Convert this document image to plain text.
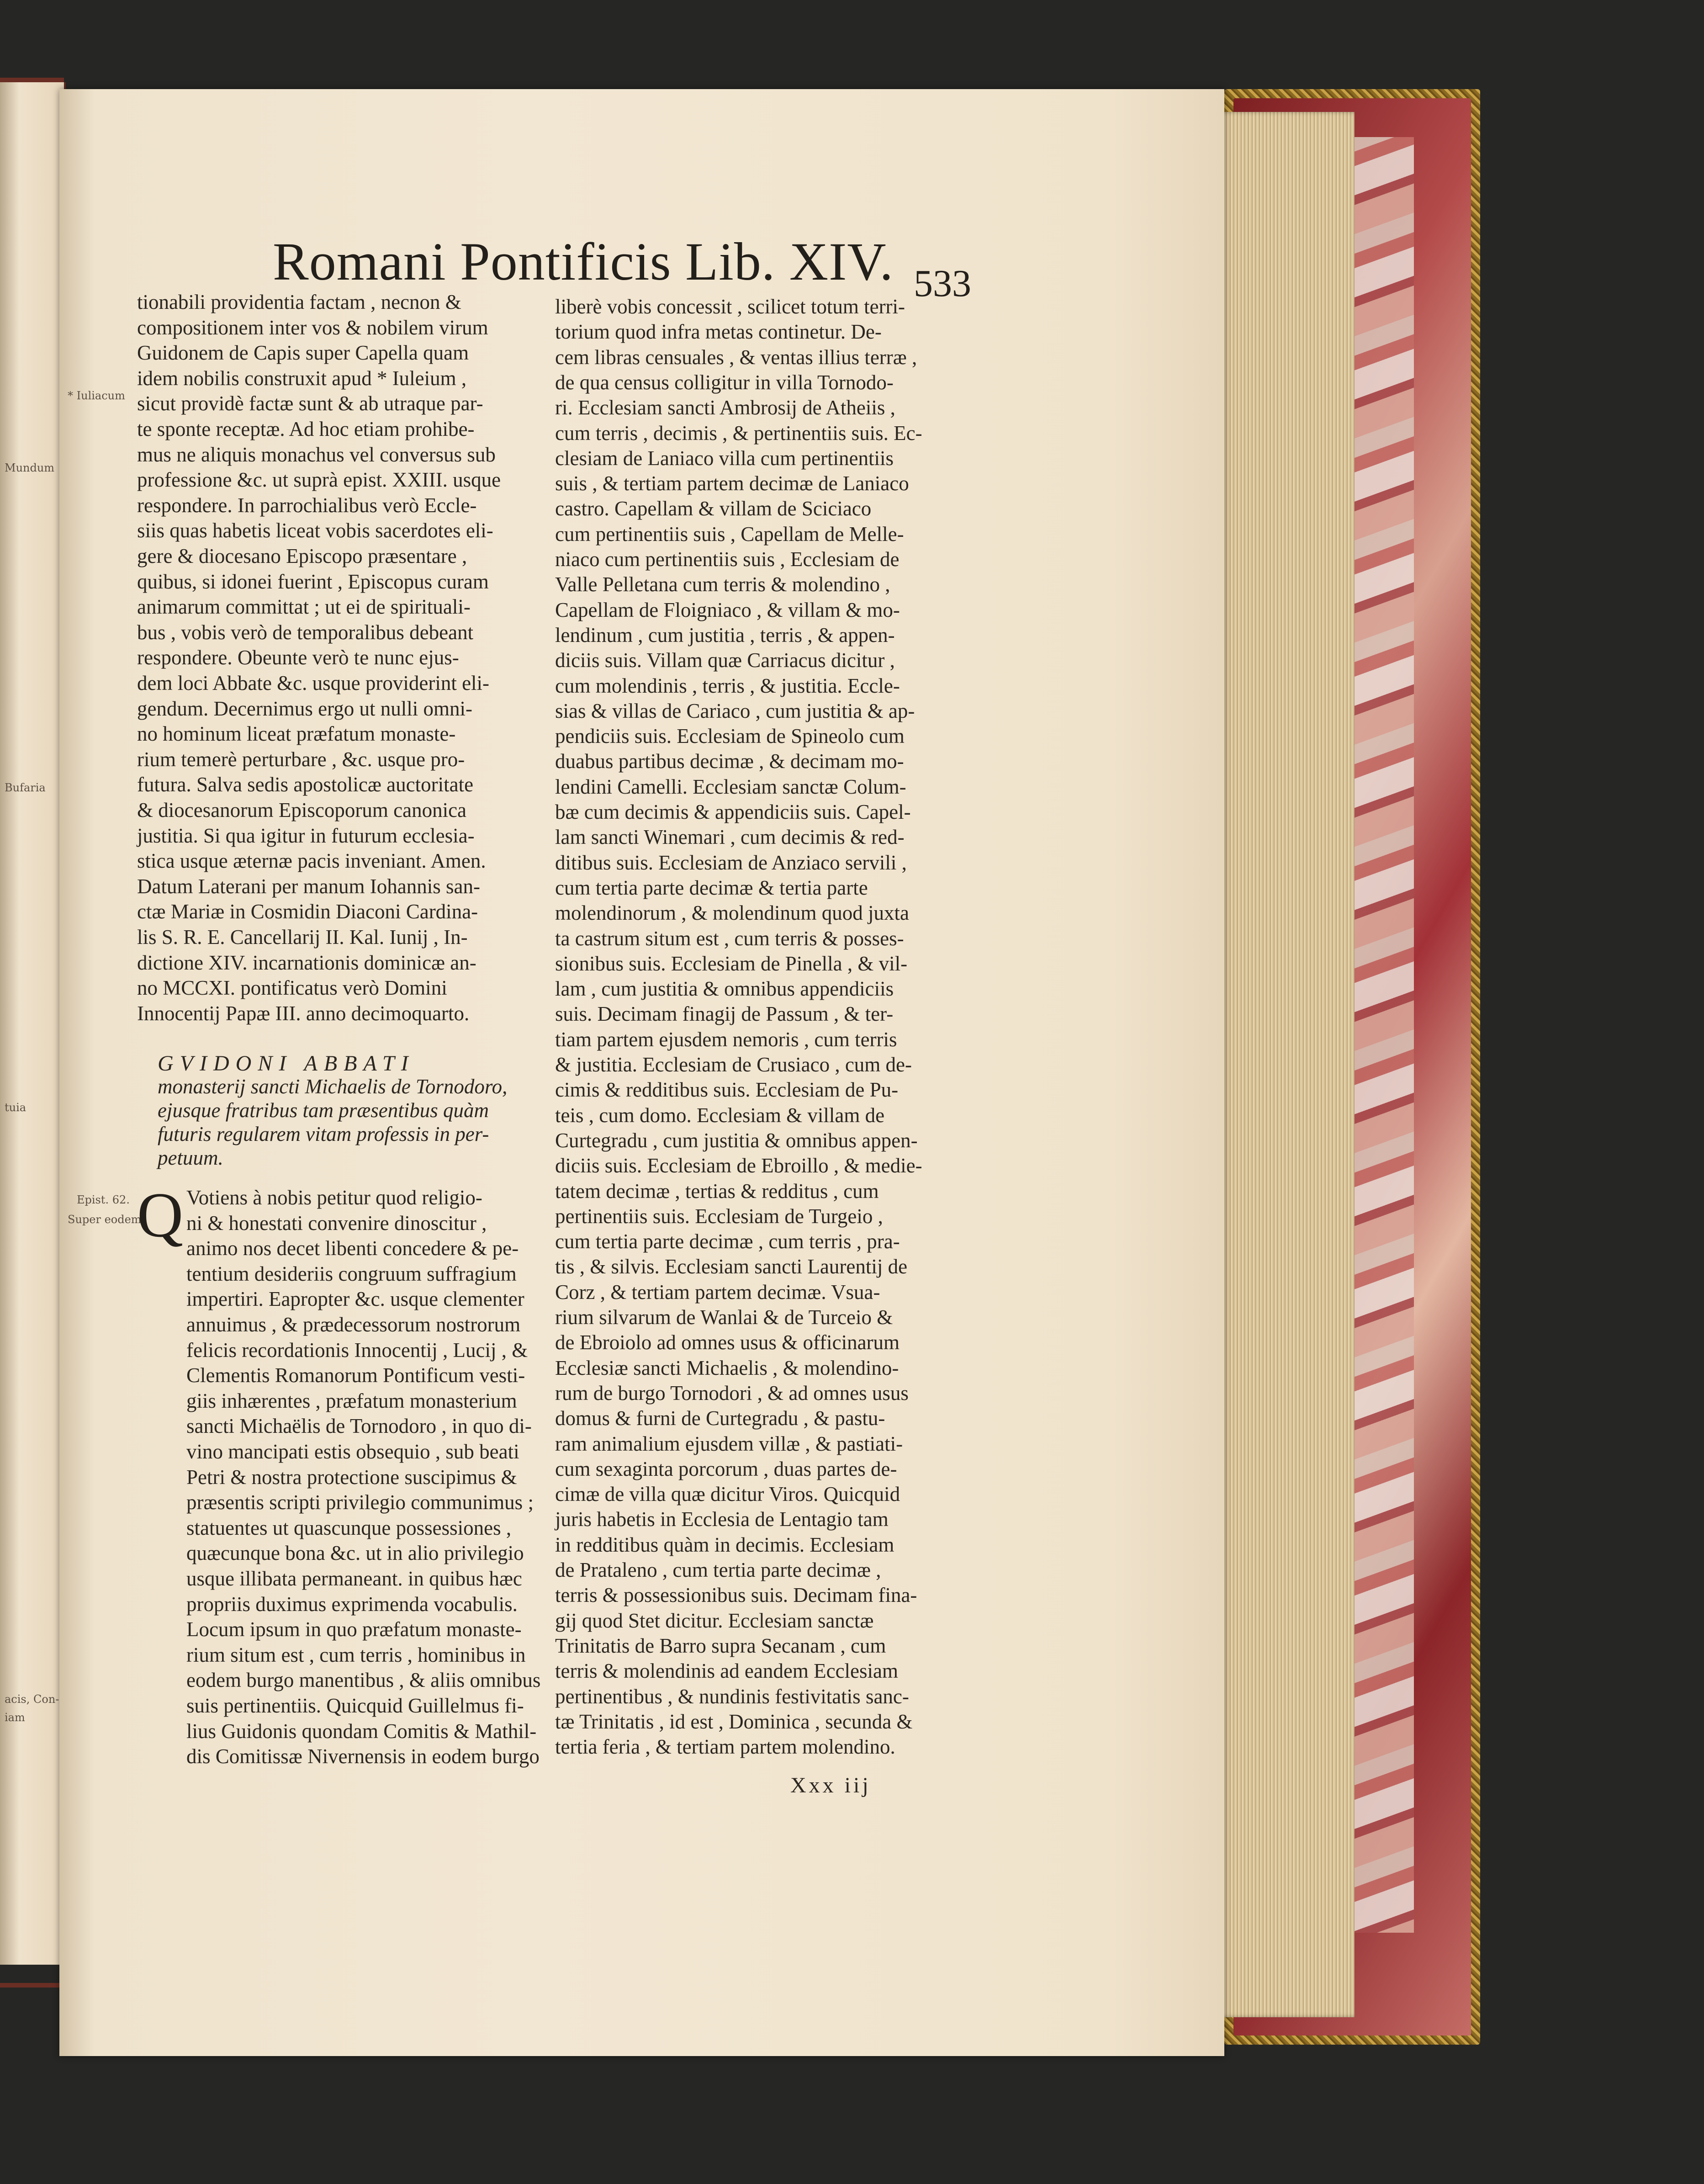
Mundum
Bufaria
tuia
acis, Con-
iam
Romani Pontificis Lib. XIV. 533
* Iuliacum
Epist. 62.
Super eodem.
tionabili providentia factam , necnon &
compositionem inter vos & nobilem virum
Guidonem de Capis super Capella quam
idem nobilis construxit apud * Iuleium ,
sicut providè factæ sunt & ab utraque par-
te sponte receptæ. Ad hoc etiam prohibe-
mus ne aliquis monachus vel conversus sub
professione &c. ut suprà epist. XXIII. usque
respondere. In parrochialibus verò Eccle-
siis quas habetis liceat vobis sacerdotes eli-
gere & diocesano Episcopo præsentare ,
quibus, si idonei fuerint , Episcopus curam
animarum committat ; ut ei de spirituali-
bus , vobis verò de temporalibus debeant
respondere. Obeunte verò te nunc ejus-
dem loci Abbate &c. usque providerint eli-
gendum. Decernimus ergo ut nulli omni-
no hominum liceat præfatum monaste-
rium temerè perturbare , &c. usque pro-
futura. Salva sedis apostolicæ auctoritate
& diocesanorum Episcoporum canonica
justitia. Si qua igitur in futurum ecclesia-
stica usque æternæ pacis inveniant. Amen.
Datum Laterani per manum Iohannis san-
ctæ Mariæ in Cosmidin Diaconi Cardina-
lis S. R. E. Cancellarij II. Kal. Iunij , In-
dictione XIV. incarnationis dominicæ an-
no MCCXI. pontificatus verò Domini
Innocentij Papæ III. anno decimoquarto.
GVIDONI ABBATI
monasterij sancti Michaelis de Tornodoro,
ejusque fratribus tam præsentibus quàm
futuris regularem vitam professis in per-
petuum.
Q Votiens à nobis petitur quod religio-
ni & honestati convenire dinoscitur ,
animo nos decet libenti concedere & pe-
tentium desideriis congruum suffragium
impertiri. Eapropter &c. usque clementer
annuimus , & prædecessorum nostrorum
felicis recordationis Innocentij , Lucij , &
Clementis Romanorum Pontificum vesti-
giis inhærentes , præfatum monasterium
sancti Michaëlis de Tornodoro , in quo di-
vino mancipati estis obsequio , sub beati
Petri & nostra protectione suscipimus &
præsentis scripti privilegio communimus ;
statuentes ut quascunque possessiones ,
quæcunque bona &c. ut in alio privilegio
usque illibata permaneant. in quibus hæc
propriis duximus exprimenda vocabulis.
Locum ipsum in quo præfatum monaste-
rium situm est , cum terris , hominibus in
eodem burgo manentibus , & aliis omnibus
suis pertinentiis. Quicquid Guillelmus fi-
lius Guidonis quondam Comitis & Mathil-
dis Comitissæ Nivernensis in eodem burgo
liberè vobis concessit , scilicet totum terri-
torium quod infra metas continetur. De-
cem libras censuales , & ventas illius terræ ,
de qua census colligitur in villa Tornodo-
ri. Ecclesiam sancti Ambrosij de Atheiis ,
cum terris , decimis , & pertinentiis suis. Ec-
clesiam de Laniaco villa cum pertinentiis
suis , & tertiam partem decimæ de Laniaco
castro. Capellam & villam de Sciciaco
cum pertinentiis suis , Capellam de Melle-
niaco cum pertinentiis suis , Ecclesiam de
Valle Pelletana cum terris & molendino ,
Capellam de Floigniaco , & villam & mo-
lendinum , cum justitia , terris , & appen-
diciis suis. Villam quæ Carriacus dicitur ,
cum molendinis , terris , & justitia. Eccle-
sias & villas de Cariaco , cum justitia & ap-
pendiciis suis. Ecclesiam de Spineolo cum
duabus partibus decimæ , & decimam mo-
lendini Camelli. Ecclesiam sanctæ Colum-
bæ cum decimis & appendiciis suis. Capel-
lam sancti Winemari , cum decimis & red-
ditibus suis. Ecclesiam de Anziaco servili ,
cum tertia parte decimæ & tertia parte
molendinorum , & molendinum quod juxta
ta castrum situm est , cum terris & posses-
sionibus suis. Ecclesiam de Pinella , & vil-
lam , cum justitia & omnibus appendiciis
suis. Decimam finagij de Passum , & ter-
tiam partem ejusdem nemoris , cum terris
& justitia. Ecclesiam de Crusiaco , cum de-
cimis & redditibus suis. Ecclesiam de Pu-
teis , cum domo. Ecclesiam & villam de
Curtegradu , cum justitia & omnibus appen-
diciis suis. Ecclesiam de Ebroillo , & medie-
tatem decimæ , tertias & redditus , cum
pertinentiis suis. Ecclesiam de Turgeio ,
cum tertia parte decimæ , cum terris , pra-
tis , & silvis. Ecclesiam sancti Laurentij de
Corz , & tertiam partem decimæ. Vsua-
rium silvarum de Wanlai & de Turceio &
de Ebroiolo ad omnes usus & officinarum
Ecclesiæ sancti Michaelis , & molendino-
rum de burgo Tornodori , & ad omnes usus
domus & furni de Curtegradu , & pastu-
ram animalium ejusdem villæ , & pastiati-
cum sexaginta porcorum , duas partes de-
cimæ de villa quæ dicitur Viros. Quicquid
juris habetis in Ecclesia de Lentagio tam
in redditibus quàm in decimis. Ecclesiam
de Prataleno , cum tertia parte decimæ ,
terris & possessionibus suis. Decimam fina-
gij quod Stet dicitur. Ecclesiam sanctæ
Trinitatis de Barro supra Secanam , cum
terris & molendinis ad eandem Ecclesiam
pertinentibus , & nundinis festivitatis sanc-
tæ Trinitatis , id est , Dominica , secunda &
tertia feria , & tertiam partem molendino.
Xxx iij
